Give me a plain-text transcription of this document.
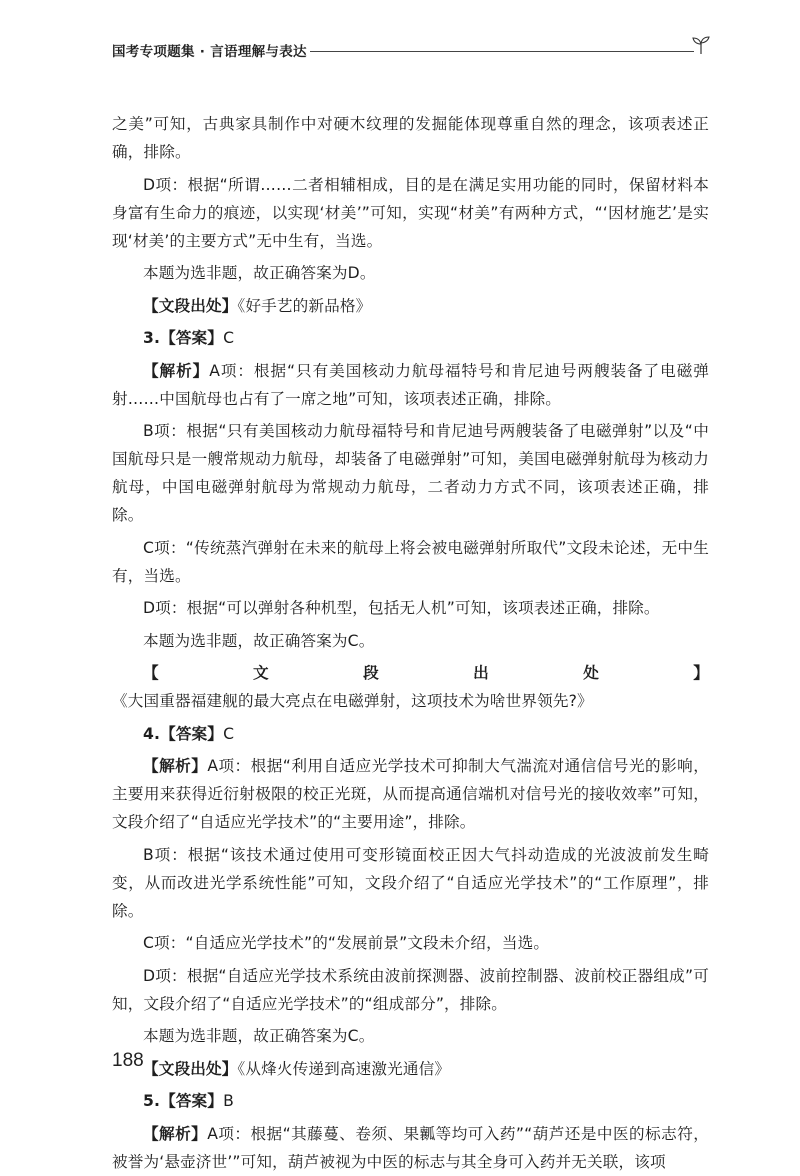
国考专项题集 · 言语理解与表达

之美”可知，古典家具制作中对硬木纹理的发掘能体现尊重自然的理念，该项表述正确，排除。

D项：根据“所谓……二者相辅相成，目的是在满足实用功能的同时，保留材料本身富有生命力的痕迹，以实现‘材美’”可知，实现“材美”有两种方式，“‘因材施艺’是实现‘材美’的主要方式”无中生有，当选。

本题为选非题，故正确答案为D。

【文段出处】《好手艺的新品格》

3.【答案】C

【解析】A项：根据“只有美国核动力航母福特号和肯尼迪号两艘装备了电磁弹射……中国航母也占有了一席之地”可知，该项表述正确，排除。

B项：根据“只有美国核动力航母福特号和肯尼迪号两艘装备了电磁弹射”以及“中国航母只是一艘常规动力航母，却装备了电磁弹射”可知，美国电磁弹射航母为核动力航母，中国电磁弹射航母为常规动力航母，二者动力方式不同，该项表述正确，排除。

C项：“传统蒸汽弹射在未来的航母上将会被电磁弹射所取代”文段未论述，无中生有，当选。

D项：根据“可以弹射各种机型，包括无人机”可知，该项表述正确，排除。

本题为选非题，故正确答案为C。

【文段出处】《大国重器福建舰的最大亮点在电磁弹射，这项技术为啥世界领先?》

4.【答案】C

【解析】A项：根据“利用自适应光学技术可抑制大气湍流对通信信号光的影响，主要用来获得近衍射极限的校正光斑，从而提高通信端机对信号光的接收效率”可知，文段介绍了“自适应光学技术”的“主要用途”，排除。

B项：根据“该技术通过使用可变形镜面校正因大气抖动造成的光波波前发生畸变，从而改进光学系统性能”可知，文段介绍了“自适应光学技术”的“工作原理”，排除。

C项：“自适应光学技术”的“发展前景”文段未介绍，当选。

D项：根据“自适应光学技术系统由波前探测器、波前控制器、波前校正器组成”可知，文段介绍了“自适应光学技术”的“组成部分”，排除。

本题为选非题，故正确答案为C。

【文段出处】《从烽火传递到高速激光通信》

5.【答案】B

【解析】A项：根据“其藤蔓、卷须、果瓤等均可入药”“葫芦还是中医的标志符，被誉为‘悬壶济世’”可知，葫芦被视为中医的标志与其全身可入药并无关联，该项

188
